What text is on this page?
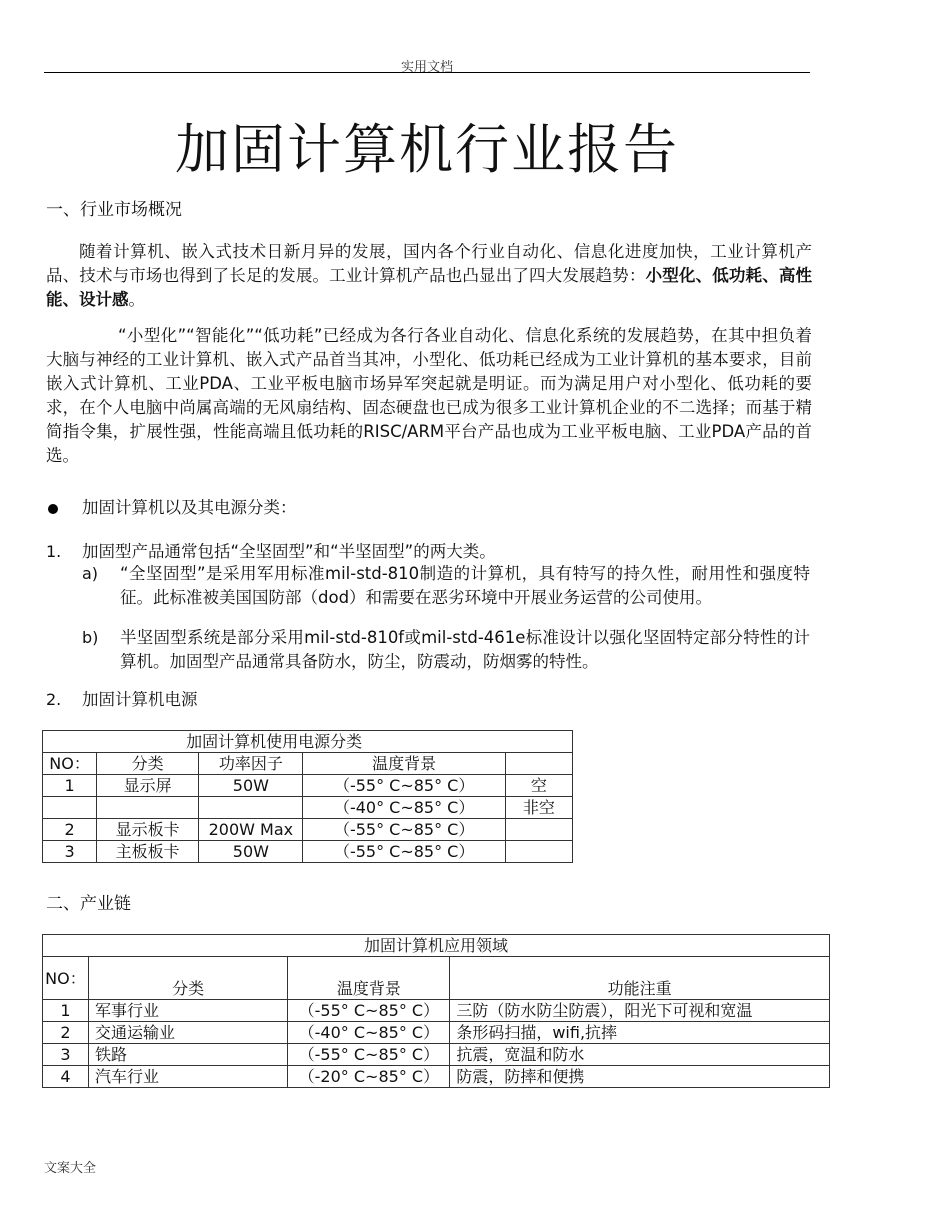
实用文档
加固计算机行业报告
一、行业市场概况

随着计算机、嵌入式技术日新月异的发展，国内各个行业自动化、信息化进度加快，工业计算机产品、技术与市场也得到了长足的发展。工业计算机产品也凸显出了四大发展趋势：小型化、低功耗、高性能、设计感。

“小型化”“智能化”“低功耗”已经成为各行各业自动化、信息化系统的发展趋势，在其中担负着大脑与神经的工业计算机、嵌入式产品首当其冲，小型化、低功耗已经成为工业计算机的基本要求，目前嵌入式计算机、工业PDA、工业平板电脑市场异军突起就是明证。而为满足用户对小型化、低功耗的要求，在个人电脑中尚属高端的无风扇结构、固态硬盘也已成为很多工业计算机企业的不二选择；而基于精简指令集，扩展性强，性能高端且低功耗的RISC/ARM平台产品也成为工业平板电脑、工业PDA产品的首选。

加固计算机以及其电源分类：
1. 加固型产品通常包括“全坚固型”和“半坚固型”的两大类。
a) “全坚固型”是采用军用标准mil-std-810制造的计算机，具有特写的持久性，耐用性和强度特征。此标准被美国国防部（dod）和需要在恶劣环境中开展业务运营的公司使用。
b) 半坚固型系统是部分采用mil-std-810f或mil-std-461e标准设计以强化坚固特定部分特性的计算机。加固型产品通常具备防水，防尘，防震动，防烟雾的特性。
2. 加固计算机电源
加固计算机使用电源分类				
NO：	分类	功率因子	温度背景	
1	显示屏	50W	（-55° C~85° C）	空
			（-40° C~85° C）	非空
2	显示板卡	200W Max	（-55° C~85° C）	
3	主板板卡	50W	（-55° C~85° C）	
二、产业链
加固计算机应用领域			
NO：	分类	温度背景	功能注重
1	军事行业	（-55° C~85° C）	三防（防水防尘防震），阳光下可视和宽温
2	交通运输业	（-40° C~85° C）	条形码扫描，wifi,抗摔
3	铁路	（-55° C~85° C）	抗震，宽温和防水
4	汽车行业	（-20° C~85° C）	防震，防摔和便携
文案大全
